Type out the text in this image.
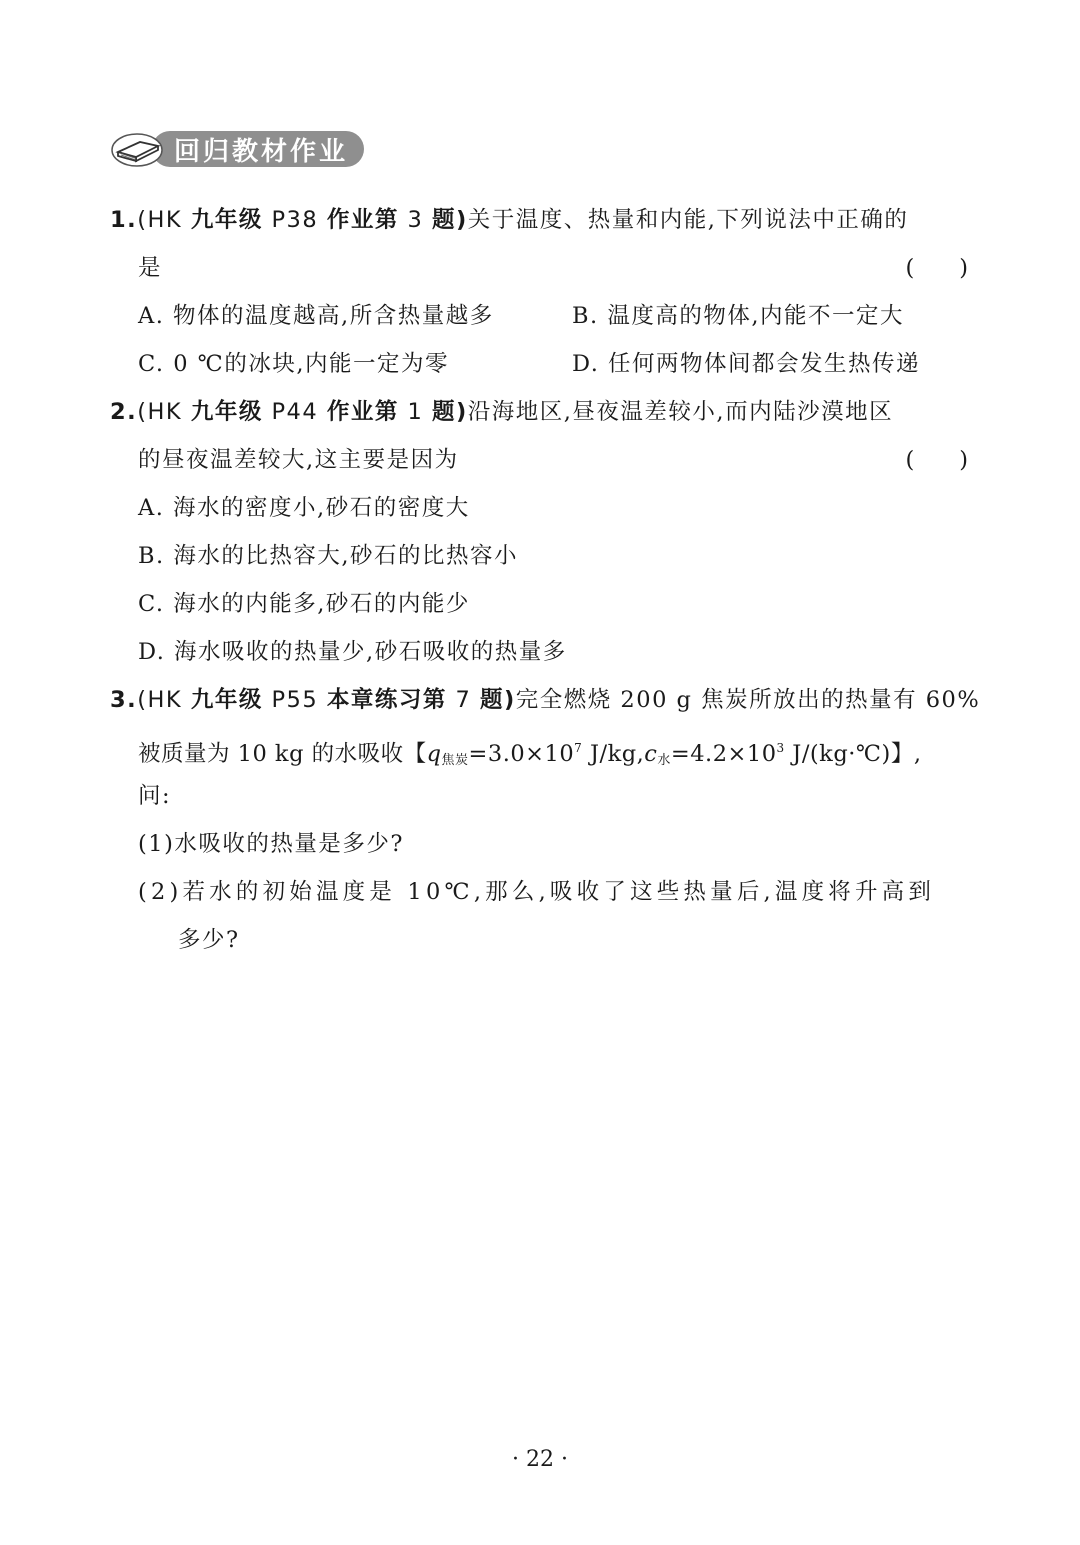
回归教材作业
1.(HK 九年级 P38 作业第 3 题)关于温度、热量和内能,下列说法中正确的
是	(　　)
A. 物体的温度越高,所含热量越多	B. 温度高的物体,内能不一定大
C. 0 ℃的冰块,内能一定为零	D. 任何两物体间都会发生热传递
2.(HK 九年级 P44 作业第 1 题)沿海地区,昼夜温差较小,而内陆沙漠地区
的昼夜温差较大,这主要是因为	(　　)
A. 海水的密度小,砂石的密度大
B. 海水的比热容大,砂石的比热容小
C. 海水的内能多,砂石的内能少
D. 海水吸收的热量少,砂石吸收的热量多
3.(HK 九年级 P55 本章练习第 7 题)完全燃烧 200 g 焦炭所放出的热量有 60%
被质量为 10 kg 的水吸收【$q_{焦炭}=3.0\times 10^7$ $J/kg,c_水=4.2\times 10^3$ J/(kg·℃)】,
问:
(1)水吸收的热量是多少?
(2)若水的初始温度是 10℃,那么,吸收了这些热量后,温度将升高到
多少?
· 22 ·
